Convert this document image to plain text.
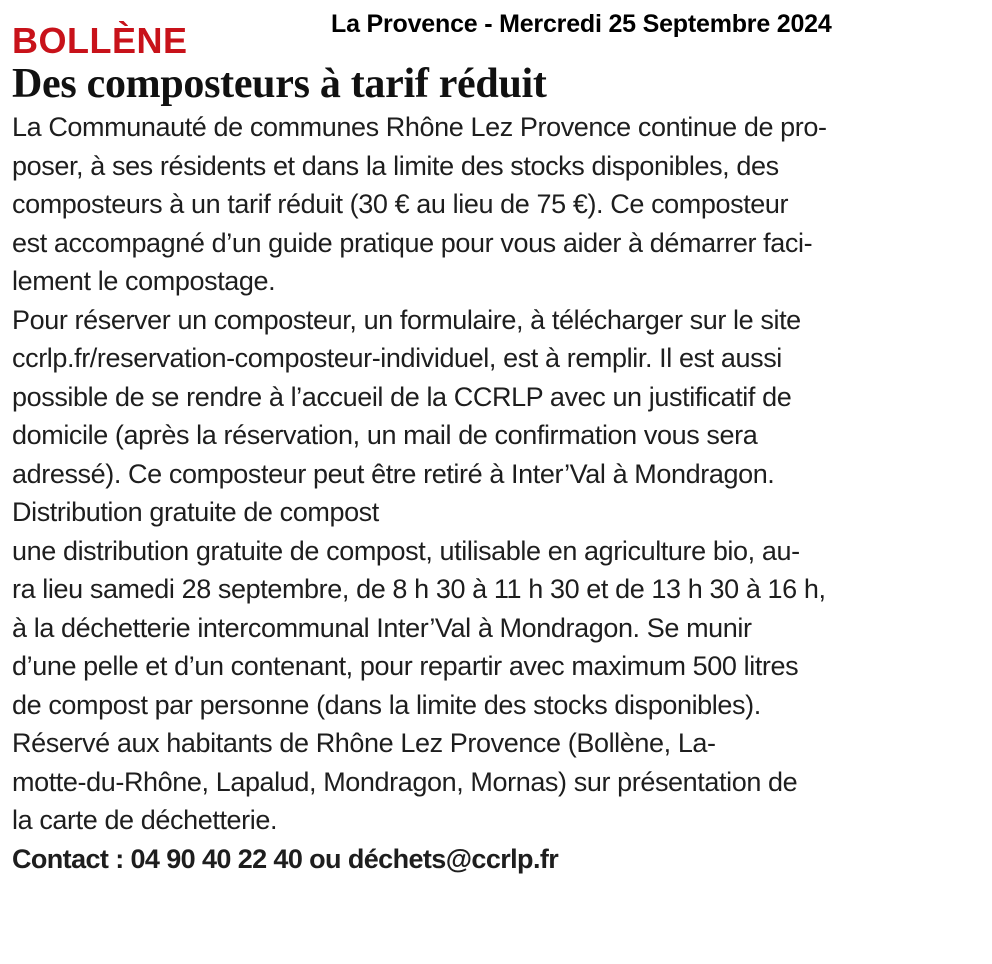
La Provence - Mercredi 25 Septembre 2024
BOLLÈNE
Des composteurs à tarif réduit
La Communauté de communes Rhône Lez Provence continue de pro-
poser, à ses résidents et dans la limite des stocks disponibles, des
composteurs à un tarif réduit (30 € au lieu de 75 €). Ce composteur
est accompagné d’un guide pratique pour vous aider à démarrer faci-
lement le compostage.
Pour réserver un composteur, un formulaire, à télécharger sur le site
ccrlp.fr/reservation-composteur-individuel, est à remplir. Il est aussi
possible de se rendre à l’accueil de la CCRLP avec un justificatif de
domicile (après la réservation, un mail de confirmation vous sera
adressé). Ce composteur peut être retiré à Inter’Val à Mondragon.
Distribution gratuite de compost
une distribution gratuite de compost, utilisable en agriculture bio, au-
ra lieu samedi 28 septembre, de 8 h 30 à 11 h 30 et de 13 h 30 à 16 h,
à la déchetterie intercommunal Inter’Val à Mondragon. Se munir
d’une pelle et d’un contenant, pour repartir avec maximum 500 litres
de compost par personne (dans la limite des stocks disponibles).
Réservé aux habitants de Rhône Lez Provence (Bollène, La-
motte-du-Rhône, Lapalud, Mondragon, Mornas) sur présentation de
la carte de déchetterie.
Contact : 04 90 40 22 40 ou déchets@ccrlp.fr
